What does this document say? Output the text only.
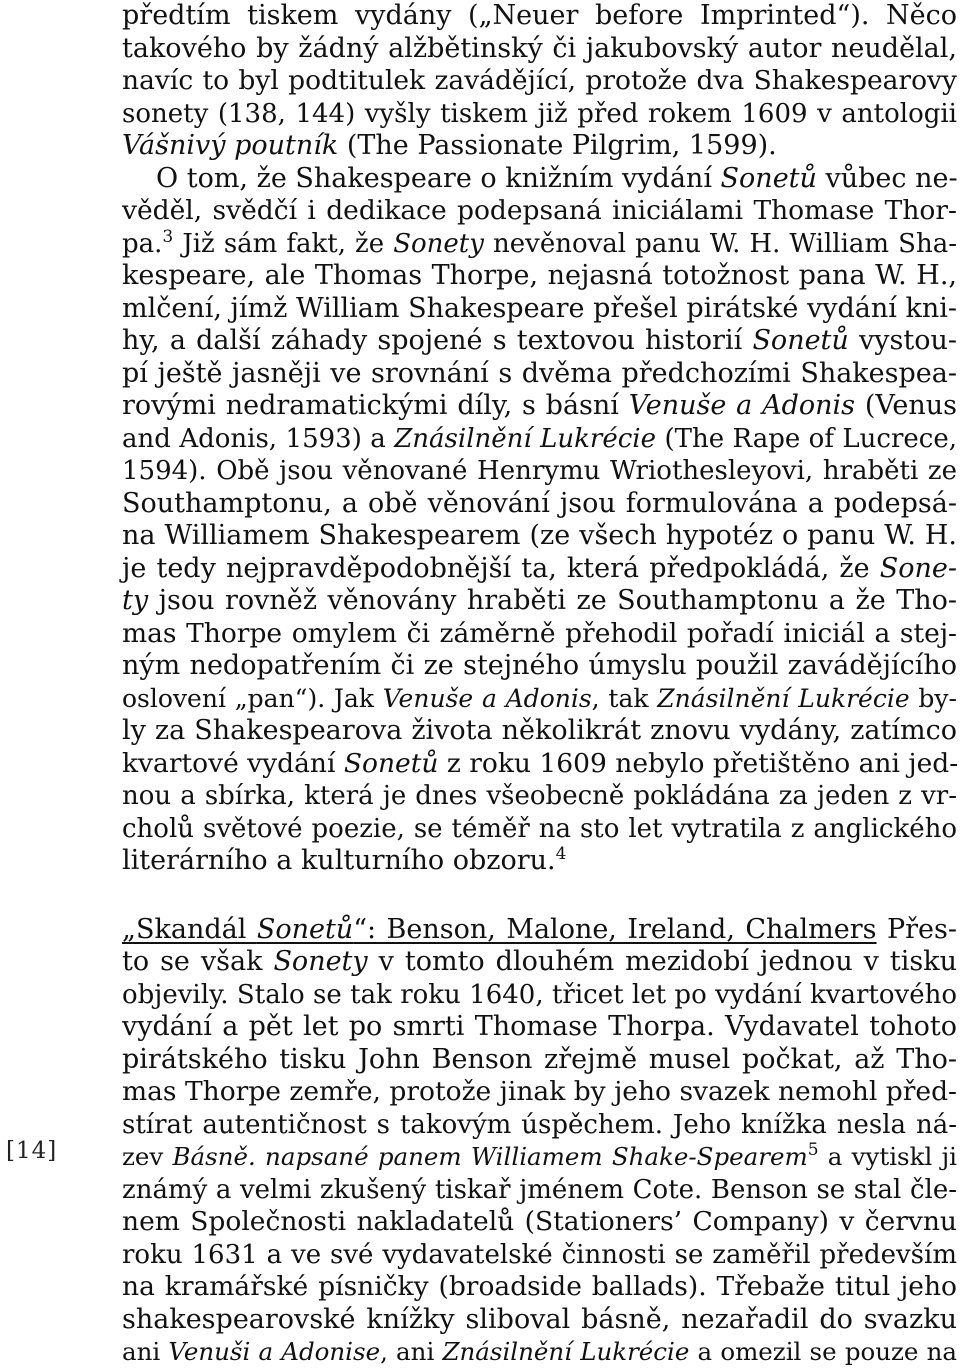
[14]
předtím tiskem vydány („Neuer before Imprinted“). Něco
takového by žádný alžbětinský či jakubovský autor neudělal,
navíc to byl podtitulek zavádějící, protože dva Shakespearovy
sonety (138, 144) vyšly tiskem již před rokem 1609 v antologii
Vášnivý poutník (The Passionate Pilgrim, 1599).
O tom, že Shakespeare o knižním vydání Sonetů vůbec ne-
věděl, svědčí i dedikace podepsaná iniciálami Thomase Thor-
pa.$^3$ Již sám fakt, že Sonety nevěnoval panu W. H. William Sha-
kespeare, ale Thomas Thorpe, nejasná totožnost pana W. H.,
mlčení, jímž William Shakespeare přešel pirátské vydání kni-
hy, a další záhady spojené s textovou historií Sonetů vystou-
pí ještě jasněji ve srovnání s dvěma předchozími Shakespea-
rovými nedramatickými díly, s básní Venuše a Adonis (Venus
and Adonis, 1593) a Znásilnění Lukrécie (The Rape of Lucrece,
1594). Obě jsou věnované Henrymu Wriothesleyovi, hraběti ze
Southamptonu, a obě věnování jsou formulována a podepsá-
na Williamem Shakespearem (ze všech hypotéz o panu W. H.
je tedy nejpravděpodobnější ta, která předpokládá, že Sone-
ty jsou rovněž věnovány hraběti ze Southamptonu a že Tho-
mas Thorpe omylem či záměrně přehodil pořadí iniciál a stej-
ným nedopatřením či ze stejného úmyslu použil zavádějícího
oslovení „pan“). Jak Venuše a Adonis, tak Znásilnění Lukrécie by-
ly za Shakespearova života několikrát znovu vydány, zatímco
kvartové vydání Sonetů z roku 1609 nebylo přetištěno ani jed-
nou a sbírka, která je dnes všeobecně pokládána za jeden z vr-
cholů světové poezie, se téměř na sto let vytratila z anglického
literárního a kulturního obzoru.$^4$
„Skandál Sonetů“: Benson, Malone, Ireland, Chalmers Přes-
to se však Sonety v tomto dlouhém mezidobí jednou v tisku
objevily. Stalo se tak roku 1640, třicet let po vydání kvartového
vydání a pět let po smrti Thomase Thorpa. Vydavatel tohoto
pirátského tisku John Benson zřejmě musel počkat, až Tho-
mas Thorpe zemře, protože jinak by jeho svazek nemohl před-
stírat autentičnost s takovým úspěchem. Jeho knížka nesla ná-
zev Básně. napsané panem Williamem Shake-Spearem$^5$ a vytiskl ji
známý a velmi zkušený tiskař jménem Cote. Benson se stal čle-
nem Společnosti nakladatelů (Stationers’ Company) v červnu
roku 1631 a ve své vydavatelské činnosti se zaměřil především
na kramářské písničky (broadside ballads). Třebaže titul jeho
shakespearovské knížky sliboval básně, nezařadil do svazku
ani Venuši a Adonise, ani Znásilnění Lukrécie a omezil se pouze na
